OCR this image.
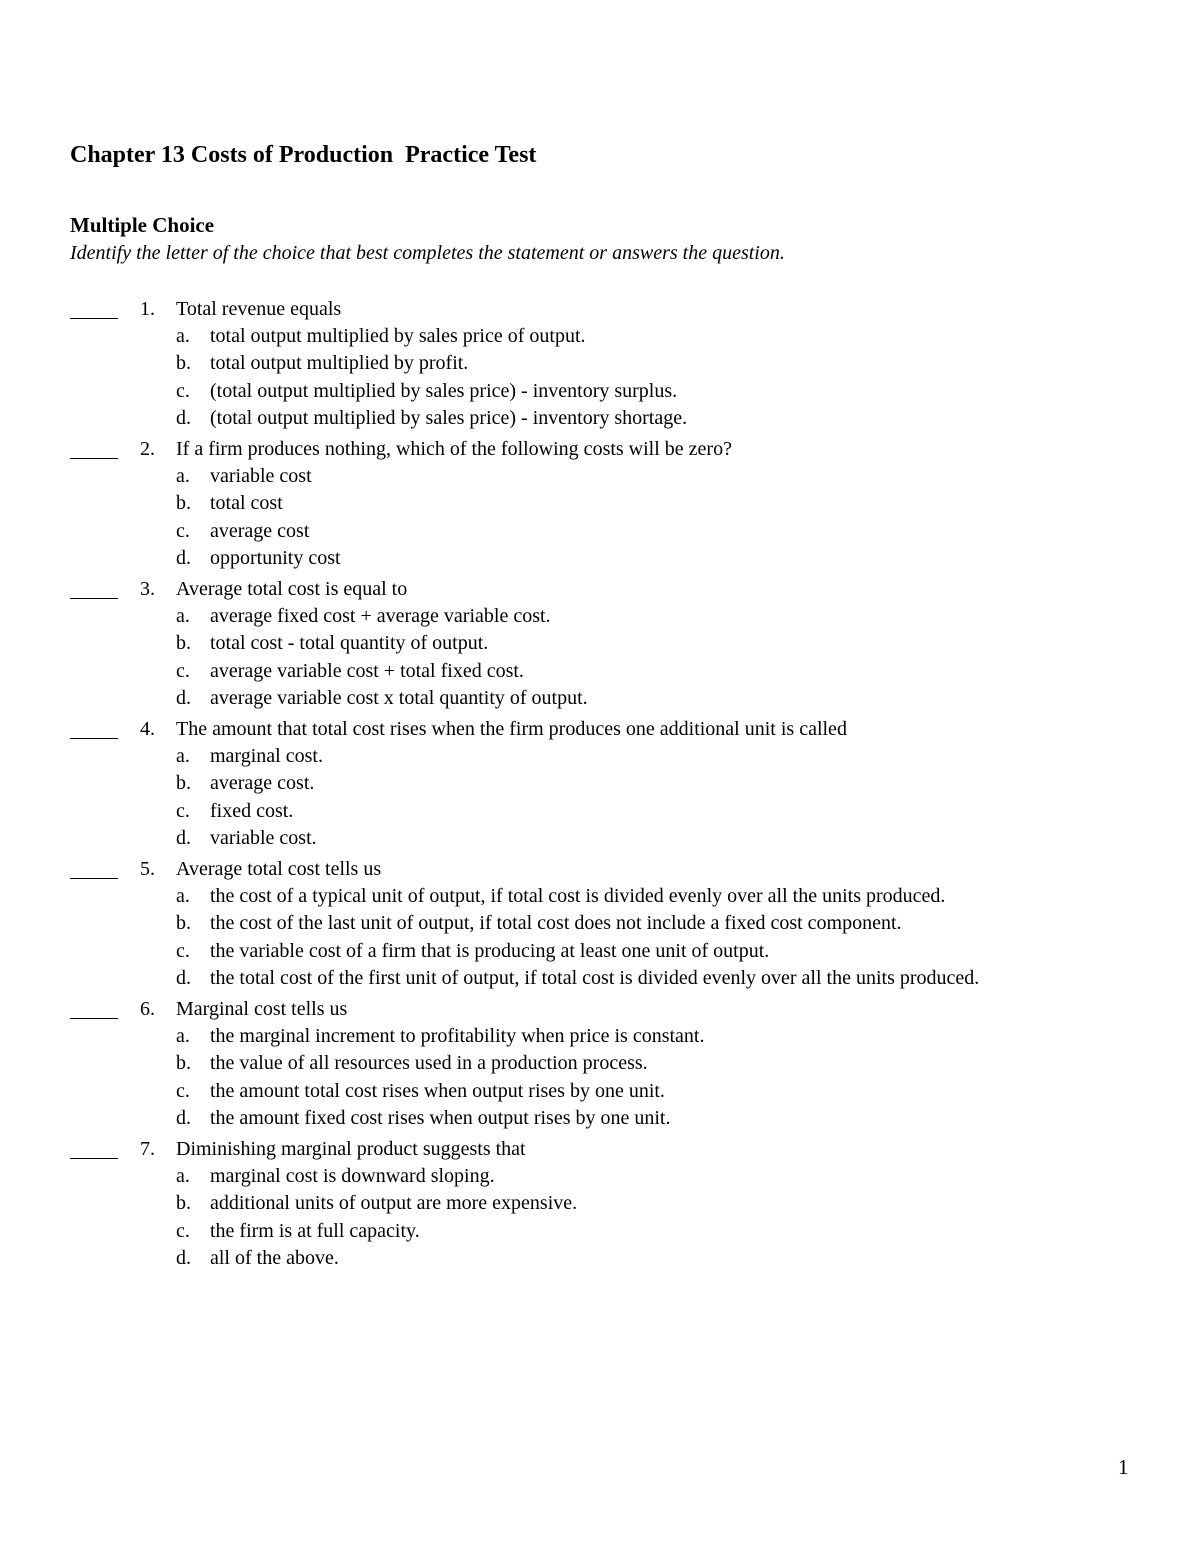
Chapter 13 Costs of Production  Practice Test
Multiple Choice

Identify the letter of the choice that best completes the statement or answers the question.

1. Total revenue equals
a. total output multiplied by sales price of output.
b. total output multiplied by profit.
c. (total output multiplied by sales price) - inventory surplus.
d. (total output multiplied by sales price) - inventory shortage.
2. If a firm produces nothing, which of the following costs will be zero?
a. variable cost
b. total cost
c. average cost
d. opportunity cost
3. Average total cost is equal to
a. average fixed cost + average variable cost.
b. total cost - total quantity of output.
c. average variable cost + total fixed cost.
d. average variable cost x total quantity of output.
4. The amount that total cost rises when the firm produces one additional unit is called
a. marginal cost.
b. average cost.
c. fixed cost.
d. variable cost.
5. Average total cost tells us
a. the cost of a typical unit of output, if total cost is divided evenly over all the units produced.
b. the cost of the last unit of output, if total cost does not include a fixed cost component.
c. the variable cost of a firm that is producing at least one unit of output.
d. the total cost of the first unit of output, if total cost is divided evenly over all the units produced.
6. Marginal cost tells us
a. the marginal increment to profitability when price is constant.
b. the value of all resources used in a production process.
c. the amount total cost rises when output rises by one unit.
d. the amount fixed cost rises when output rises by one unit.
7. Diminishing marginal product suggests that
a. marginal cost is downward sloping.
b. additional units of output are more expensive.
c. the firm is at full capacity.
d. all of the above.
1
